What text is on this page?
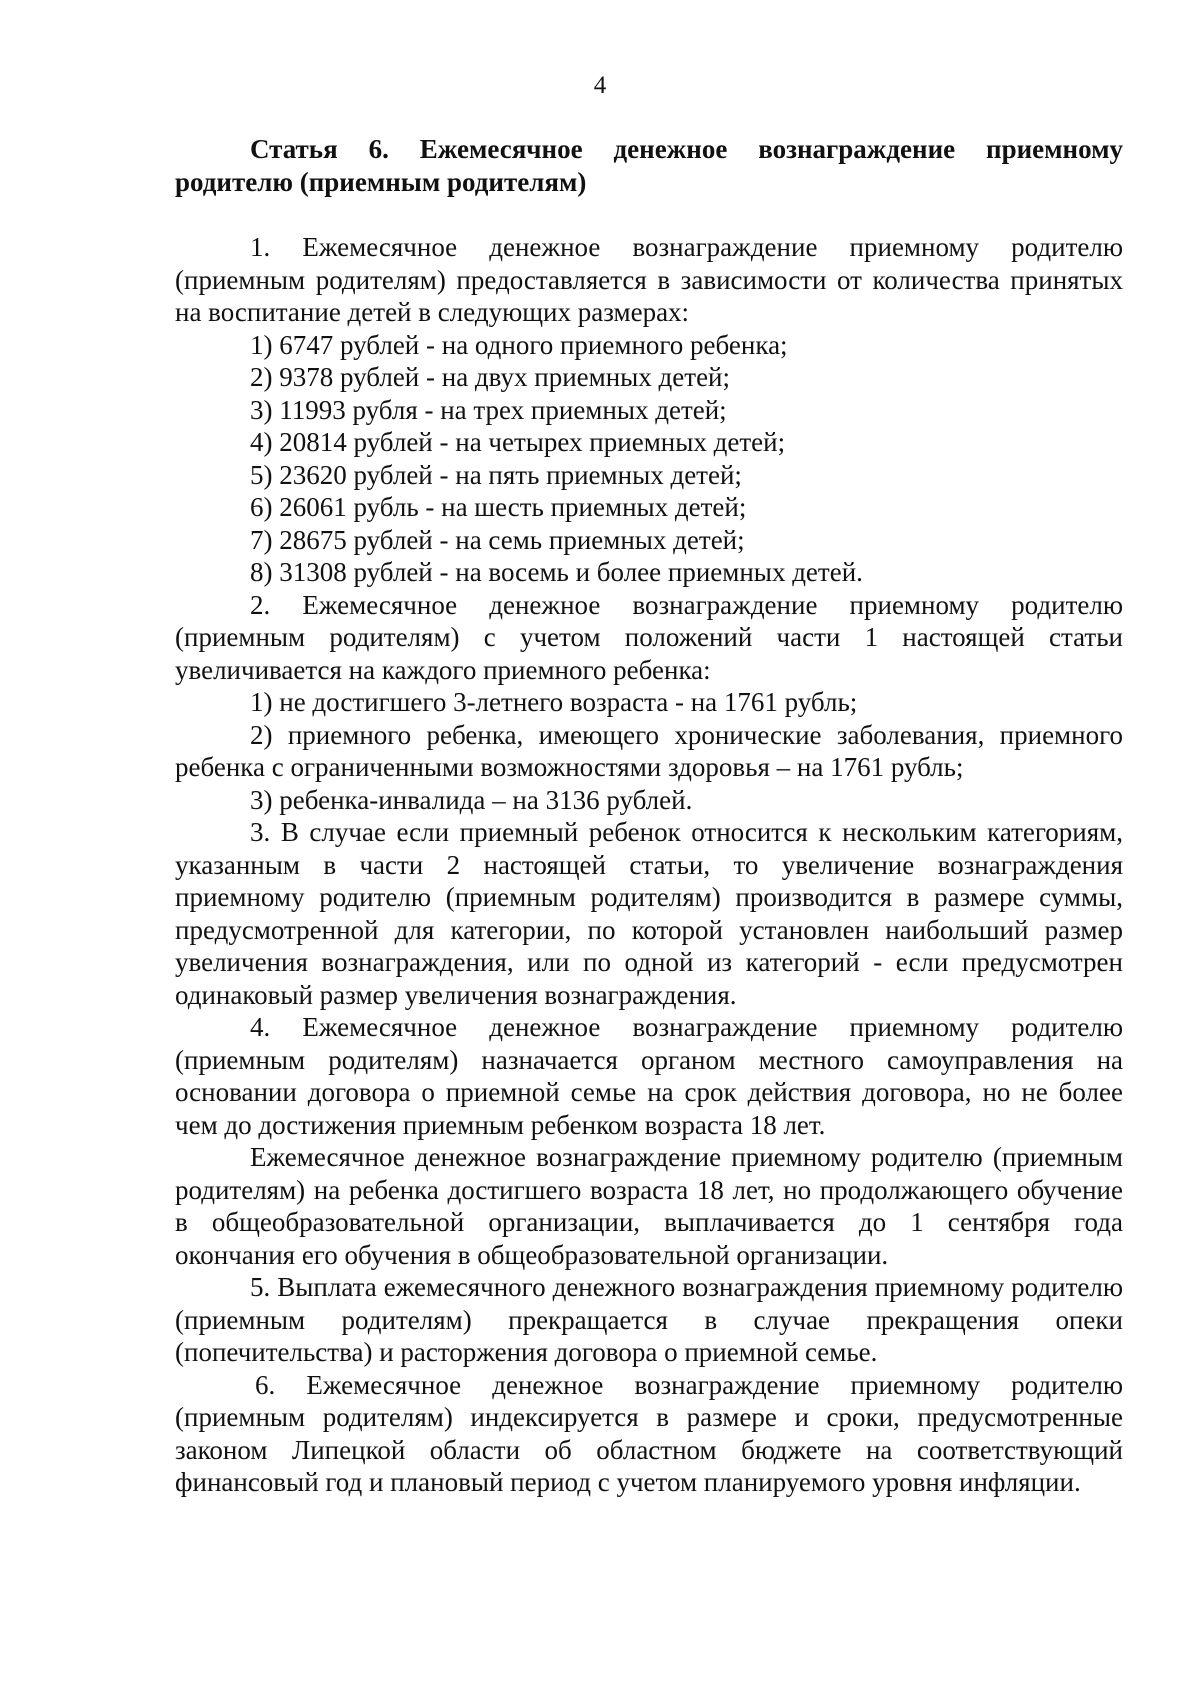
4

Статья 6. Ежемесячное денежное вознаграждение приемному родителю (приемным родителям)

1. Ежемесячное денежное вознаграждение приемному родителю (приемным родителям) предоставляется в зависимости от количества принятых на воспитание детей в следующих размерах:

1) 6747 рублей - на одного приемного ребенка;

2) 9378 рублей - на двух приемных детей;

3) 11993 рубля - на трех приемных детей;

4) 20814 рублей - на четырех приемных детей;

5) 23620 рублей - на пять приемных детей;

6) 26061 рубль - на шесть приемных детей;

7) 28675 рублей - на семь приемных детей;

8) 31308 рублей - на восемь и более приемных детей.

2. Ежемесячное денежное вознаграждение приемному родителю (приемным родителям) с учетом положений части 1 настоящей статьи увеличивается на каждого приемного ребенка:

1) не достигшего 3-летнего возраста - на 1761 рубль;

2) приемного ребенка, имеющего хронические заболевания, приемного ребенка с ограниченными возможностями здоровья – на 1761 рубль;

3) ребенка-инвалида – на 3136 рублей.

3. В случае если приемный ребенок относится к нескольким категориям, указанным в части 2 настоящей статьи, то увеличение вознаграждения приемному родителю (приемным родителям) производится в размере суммы, предусмотренной для категории, по которой установлен наибольший размер увеличения вознаграждения, или по одной из категорий - если предусмотрен одинаковый размер увеличения вознаграждения.

4. Ежемесячное денежное вознаграждение приемному родителю (приемным родителям) назначается органом местного самоуправления на основании договора о приемной семье на срок действия договора, но не более чем до достижения приемным ребенком возраста 18 лет.

Ежемесячное денежное вознаграждение приемному родителю (приемным родителям) на ребенка достигшего возраста 18 лет, но продолжающего обучение в общеобразовательной организации, выплачивается до 1 сентября года окончания его обучения в общеобразовательной организации.

5. Выплата ежемесячного денежного вознаграждения приемному родителю (приемным родителям) прекращается в случае прекращения опеки (попечительства) и расторжения договора о приемной семье.

6. Ежемесячное денежное вознаграждение приемному родителю (приемным родителям) индексируется в размере и сроки, предусмотренные законом Липецкой области об областном бюджете на соответствующий финансовый год и плановый период с учетом планируемого уровня инфляции.
